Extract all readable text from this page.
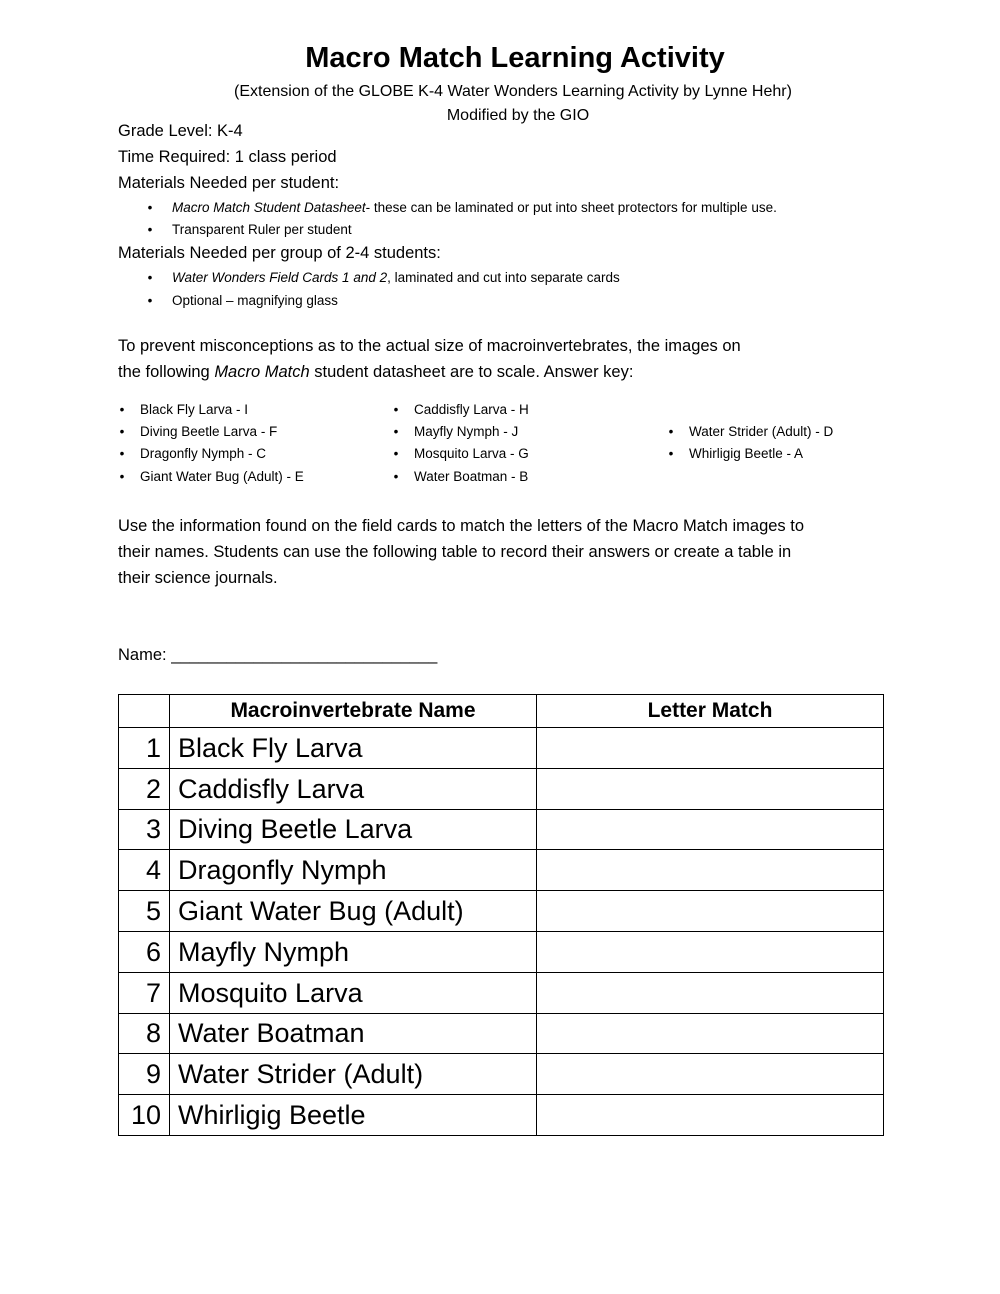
Macro Match Learning Activity
(Extension of the GLOBE K-4 Water Wonders Learning Activity by Lynne Hehr)
Modified by the GIO
Grade Level: K-4
Time Required: 1 class period
Materials Needed per student:
•	Macro Match Student Datasheet- these can be laminated or put into sheet protectors for multiple use.
•	Transparent Ruler per student
Materials Needed per group of 2-4 students:
•	Water Wonders Field Cards 1 and 2, laminated and cut into separate cards
•	Optional – magnifying glass
To prevent misconceptions as to the actual size of macroinvertebrates, the images on
the following Macro Match student datasheet are to scale. Answer key:
• Black Fly Larva - I
• Diving Beetle Larva - F
• Dragonfly Nymph - C
• Giant Water Bug (Adult) - E
• Caddisfly Larva - H
• Mayfly Nymph - J
• Mosquito Larva - G
• Water Boatman - B
• Water Strider (Adult) - D
• Whirligig Beetle - A
Use the information found on the field cards to match the letters of the Macro Match images to
their names. Students can use the following table to record their answers or create a table in
their science journals.
Name: _____________________________
	Macroinvertebrate Name	Letter Match
1	Black Fly Larva	
2	Caddisfly Larva	
3	Diving Beetle Larva	
4	Dragonfly Nymph	
5	Giant Water Bug (Adult)	
6	Mayfly Nymph	
7	Mosquito Larva	
8	Water Boatman	
9	Water Strider (Adult)	
10	Whirligig Beetle	
